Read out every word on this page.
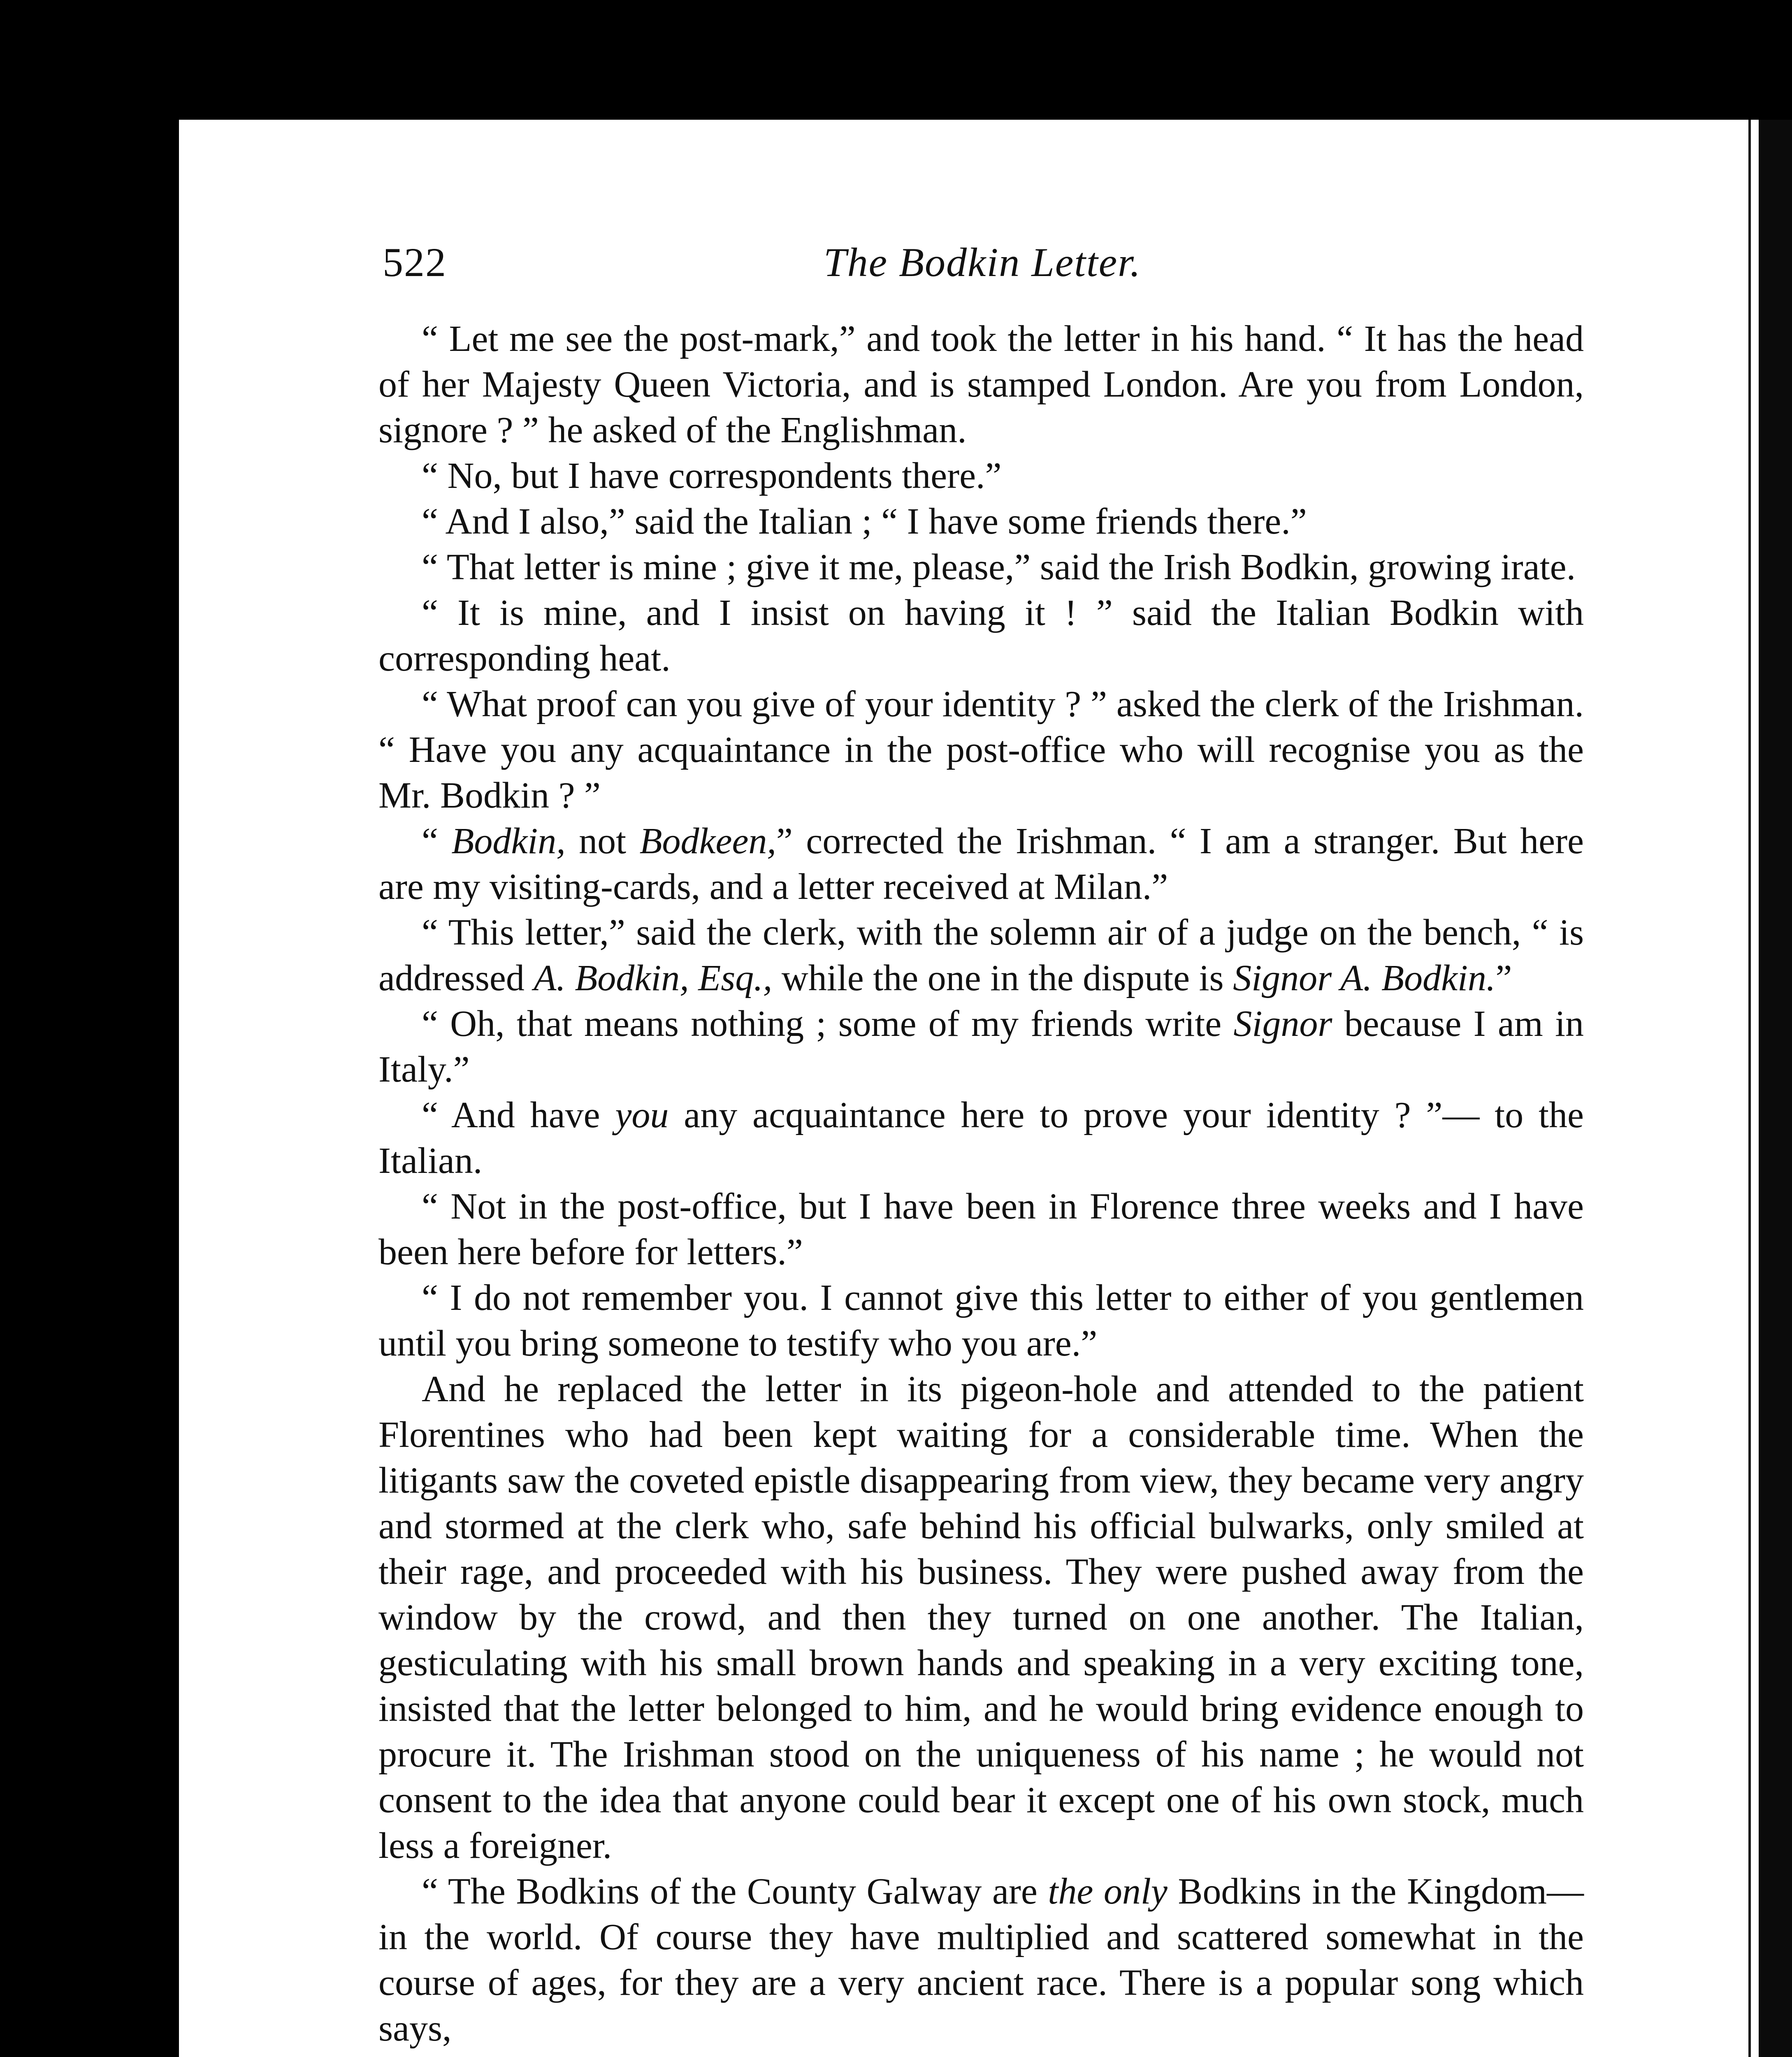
522	The Bodkin Letter.

“ Let me see the post-mark,” and took the letter in his hand. “ It has the head of her Majesty Queen Victoria, and is stamped London. Are you from London, signore ? ” he asked of the Englishman.

“ No, but I have correspondents there.”

“ And I also,” said the Italian ; “ I have some friends there.”

“ That letter is mine ; give it me, please,” said the Irish Bodkin, growing irate.

“ It is mine, and I insist on having it ! ” said the Italian Bodkin with corresponding heat.

“ What proof can you give of your identity ? ” asked the clerk of the Irishman. “ Have you any acquaintance in the post-office who will recognise you as the Mr. Bodkin ? ”

“ Bodkin, not Bodkeen,” corrected the Irishman. “ I am a stranger. But here are my visiting-cards, and a letter received at Milan.”

“ This letter,” said the clerk, with the solemn air of a judge on the bench, “ is addressed A. Bodkin, Esq., while the one in the dispute is Signor A. Bodkin.”

“ Oh, that means nothing ; some of my friends write Signor because I am in Italy.”

“ And have you any acquaintance here to prove your identity ? ”— to the Italian.

“ Not in the post-office, but I have been in Florence three weeks and I have been here before for letters.”

“ I do not remember you. I cannot give this letter to either of you gentlemen until you bring someone to testify who you are.”

And he replaced the letter in its pigeon-hole and attended to the patient Florentines who had been kept waiting for a considerable time. When the litigants saw the coveted epistle disappearing from view, they became very angry and stormed at the clerk who, safe behind his official bulwarks, only smiled at their rage, and proceeded with his business. They were pushed away from the window by the crowd, and then they turned on one another. The Italian, gesticulating with his small brown hands and speaking in a very exciting tone, insisted that the letter belonged to him, and he would bring evidence enough to procure it. The Irishman stood on the uniqueness of his name ; he would not consent to the idea that anyone could bear it except one of his own stock, much less a foreigner.

“ The Bodkins of the County Galway are the only Bodkins in the Kingdom—in the world. Of course they have multiplied and scattered somewhat in the course of ages, for they are a very ancient race. There is a popular song which says,
